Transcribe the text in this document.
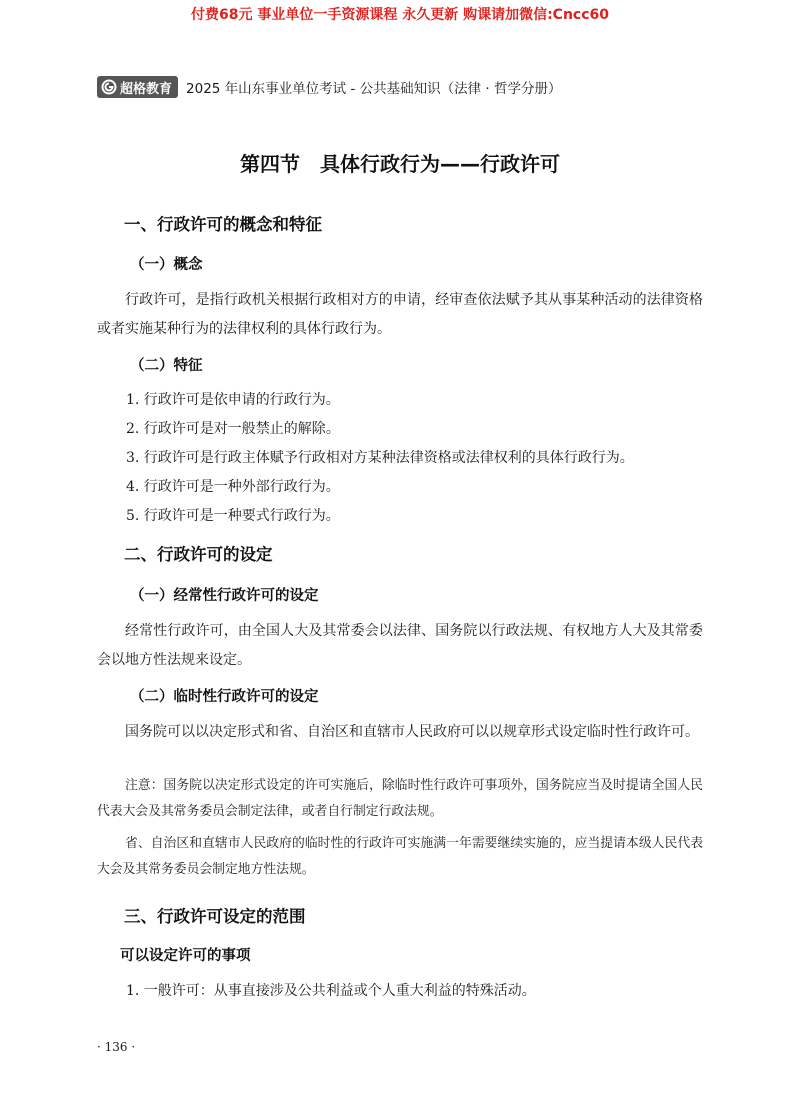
付费68元 事业单位一手资源课程 永久更新 购课请加微信:Cncc60
超格教育 2025 年山东事业单位考试 - 公共基础知识（法律 · 哲学分册）
第四节　具体行政行为——行政许可
一、行政许可的概念和特征
（一）概念
行政许可，是指行政机关根据行政相对方的申请，经审查依法赋予其从事某种活动的法律资格或者实施某种行为的法律权利的具体行政行为。
（二）特征
1. 行政许可是依申请的行政行为。
2. 行政许可是对一般禁止的解除。
3. 行政许可是行政主体赋予行政相对方某种法律资格或法律权利的具体行政行为。
4. 行政许可是一种外部行政行为。
5. 行政许可是一种要式行政行为。
二、行政许可的设定
（一）经常性行政许可的设定
经常性行政许可，由全国人大及其常委会以法律、国务院以行政法规、有权地方人大及其常委会以地方性法规来设定。
（二）临时性行政许可的设定
国务院可以以决定形式和省、自治区和直辖市人民政府可以以规章形式设定临时性行政许可。
注意：国务院以决定形式设定的许可实施后，除临时性行政许可事项外，国务院应当及时提请全国人民代表大会及其常务委员会制定法律，或者自行制定行政法规。
省、自治区和直辖市人民政府的临时性的行政许可实施满一年需要继续实施的，应当提请本级人民代表大会及其常务委员会制定地方性法规。
三、行政许可设定的范围
可以设定许可的事项
1. 一般许可：从事直接涉及公共利益或个人重大利益的特殊活动。
· 136 ·
